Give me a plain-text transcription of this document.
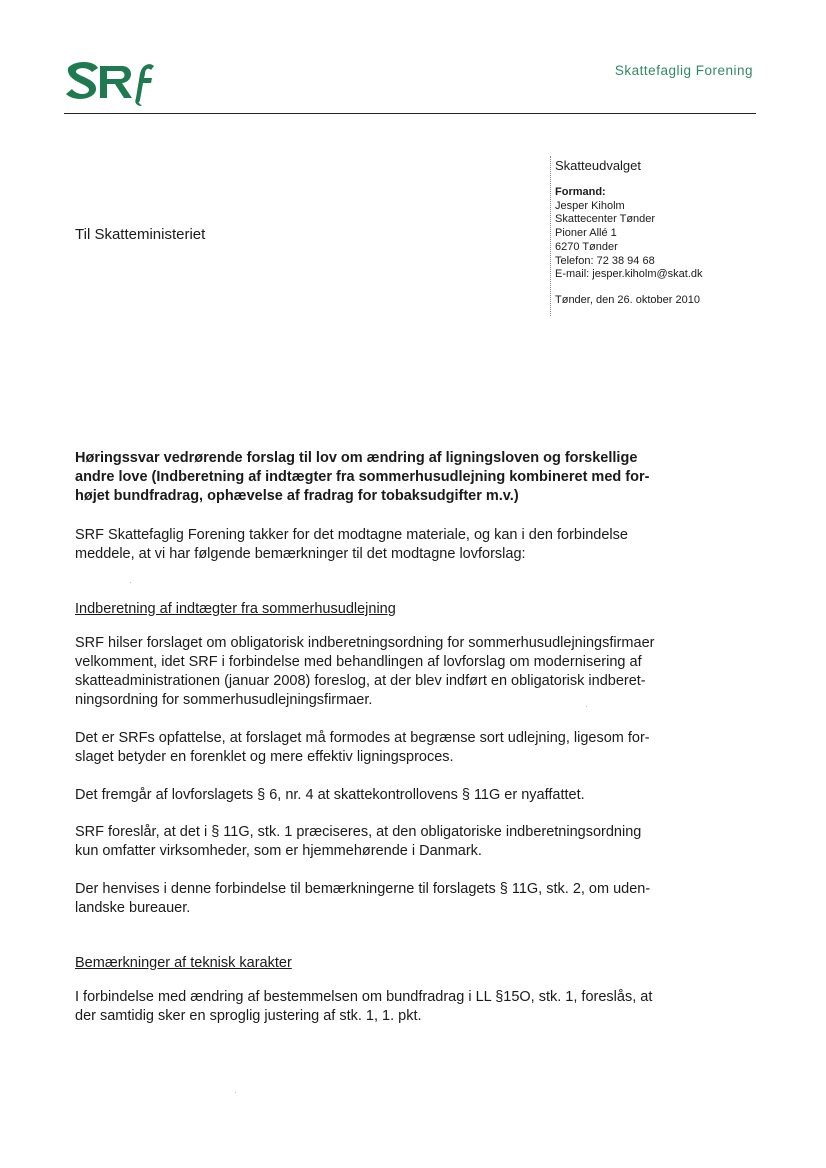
Skattefaglig Forening
Til Skatteministeriet
Skatteudvalget
Formand:
Jesper Kiholm
Skattecenter Tønder
Pioner Allé 1
6270 Tønder
Telefon: 72 38 94 68
E-mail: jesper.kiholm@skat.dk
Tønder, den 26. oktober 2010
Høringssvar vedrørende forslag til lov om ændring af ligningsloven og forskellige
andre love (Indberetning af indtægter fra sommerhusudlejning kombineret med for-
højet bundfradrag, ophævelse af fradrag for tobaksudgifter m.v.)
SRF Skattefaglig Forening takker for det modtagne materiale, og kan i den forbindelse
meddele, at vi har følgende bemærkninger til det modtagne lovforslag:
Indberetning af indtægter fra sommerhusudlejning
SRF hilser forslaget om obligatorisk indberetningsordning for sommerhusudlejningsfirmaer
velkomment, idet SRF i forbindelse med behandlingen af lovforslag om modernisering af
skatteadministrationen (januar 2008) foreslog, at der blev indført en obligatorisk indberet-
ningsordning for sommerhusudlejningsfirmaer.
Det er SRFs opfattelse, at forslaget må formodes at begrænse sort udlejning, ligesom for-
slaget betyder en forenklet og mere effektiv ligningsproces.
Det fremgår af lovforslagets § 6, nr. 4 at skattekontrollovens § 11G er nyaffattet.
SRF foreslår, at det i § 11G, stk. 1 præciseres, at den obligatoriske indberetningsordning
kun omfatter virksomheder, som er hjemmehørende i Danmark.
Der henvises i denne forbindelse til bemærkningerne til forslagets § 11G, stk. 2, om uden-
landske bureauer.
Bemærkninger af teknisk karakter
I forbindelse med ændring af bestemmelsen om bundfradrag i LL §15O, stk. 1, foreslås, at
der samtidig sker en sproglig justering af stk. 1, 1. pkt.
